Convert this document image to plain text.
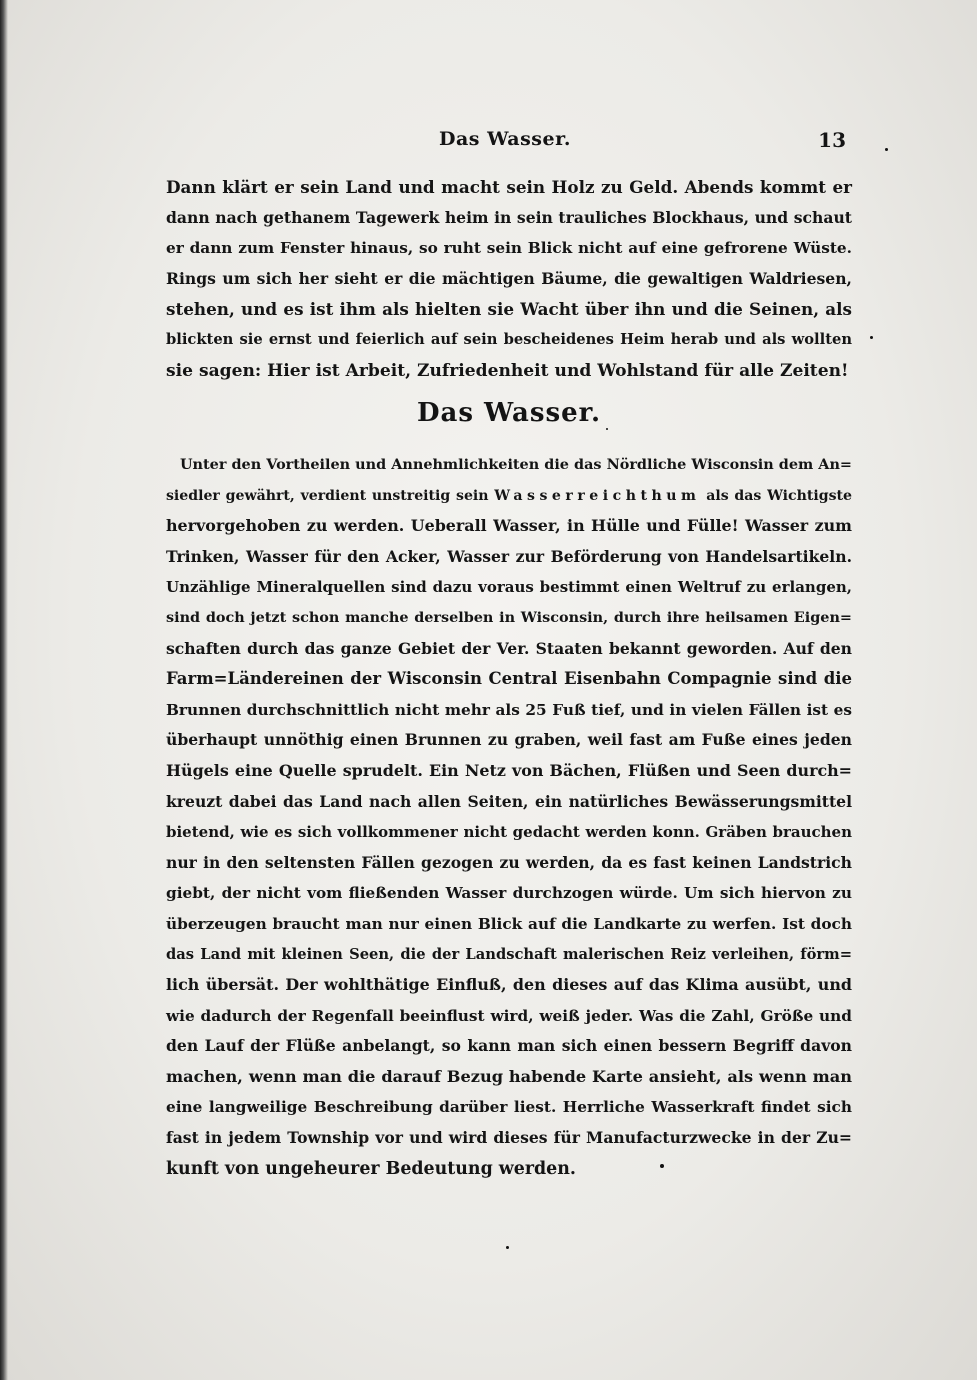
Das Wasser.	13
Dann klärt er sein Land und macht sein Holz zu Geld. Abends kommt er
dann nach gethanem Tagewerk heim in sein trauliches Blockhaus, und schaut
er dann zum Fenster hinaus, so ruht sein Blick nicht auf eine gefrorene Wüste.
Rings um sich her sieht er die mächtigen Bäume, die gewaltigen Waldriesen,
stehen, und es ist ihm als hielten sie Wacht über ihn und die Seinen, als
blickten sie ernst und feierlich auf sein bescheidenes Heim herab und als wollten
sie sagen: Hier ist Arbeit, Zufriedenheit und Wohlstand für alle Zeiten!
Das Wasser.
Unter den Vortheilen und Annehmlichkeiten die das Nördliche Wisconsin dem An=
siedler gewährt, verdient unstreitig sein Wasserreichthum als das Wichtigste
hervorgehoben zu werden. Ueberall Wasser, in Hülle und Fülle! Wasser zum
Trinken, Wasser für den Acker, Wasser zur Beförderung von Handelsartikeln.
Unzählige Mineralquellen sind dazu voraus bestimmt einen Weltruf zu erlangen,
sind doch jetzt schon manche derselben in Wisconsin, durch ihre heilsamen Eigen=
schaften durch das ganze Gebiet der Ver. Staaten bekannt geworden. Auf den
Farm=Ländereinen der Wisconsin Central Eisenbahn Compagnie sind die
Brunnen durchschnittlich nicht mehr als 25 Fuß tief, und in vielen Fällen ist es
überhaupt unnöthig einen Brunnen zu graben, weil fast am Fuße eines jeden
Hügels eine Quelle sprudelt. Ein Netz von Bächen, Flüßen und Seen durch=
kreuzt dabei das Land nach allen Seiten, ein natürliches Bewässerungsmittel
bietend, wie es sich vollkommener nicht gedacht werden konn. Gräben brauchen
nur in den seltensten Fällen gezogen zu werden, da es fast keinen Landstrich
giebt, der nicht vom fließenden Wasser durchzogen würde. Um sich hiervon zu
überzeugen braucht man nur einen Blick auf die Landkarte zu werfen. Ist doch
das Land mit kleinen Seen, die der Landschaft malerischen Reiz verleihen, förm=
lich übersät. Der wohlthätige Einfluß, den dieses auf das Klima ausübt, und
wie dadurch der Regenfall beeinflust wird, weiß jeder. Was die Zahl, Größe und
den Lauf der Flüße anbelangt, so kann man sich einen bessern Begriff davon
machen, wenn man die darauf Bezug habende Karte ansieht, als wenn man
eine langweilige Beschreibung darüber liest. Herrliche Wasserkraft findet sich
fast in jedem Township vor und wird dieses für Manufacturzwecke in der Zu=
kunft von ungeheurer Bedeutung werden.
